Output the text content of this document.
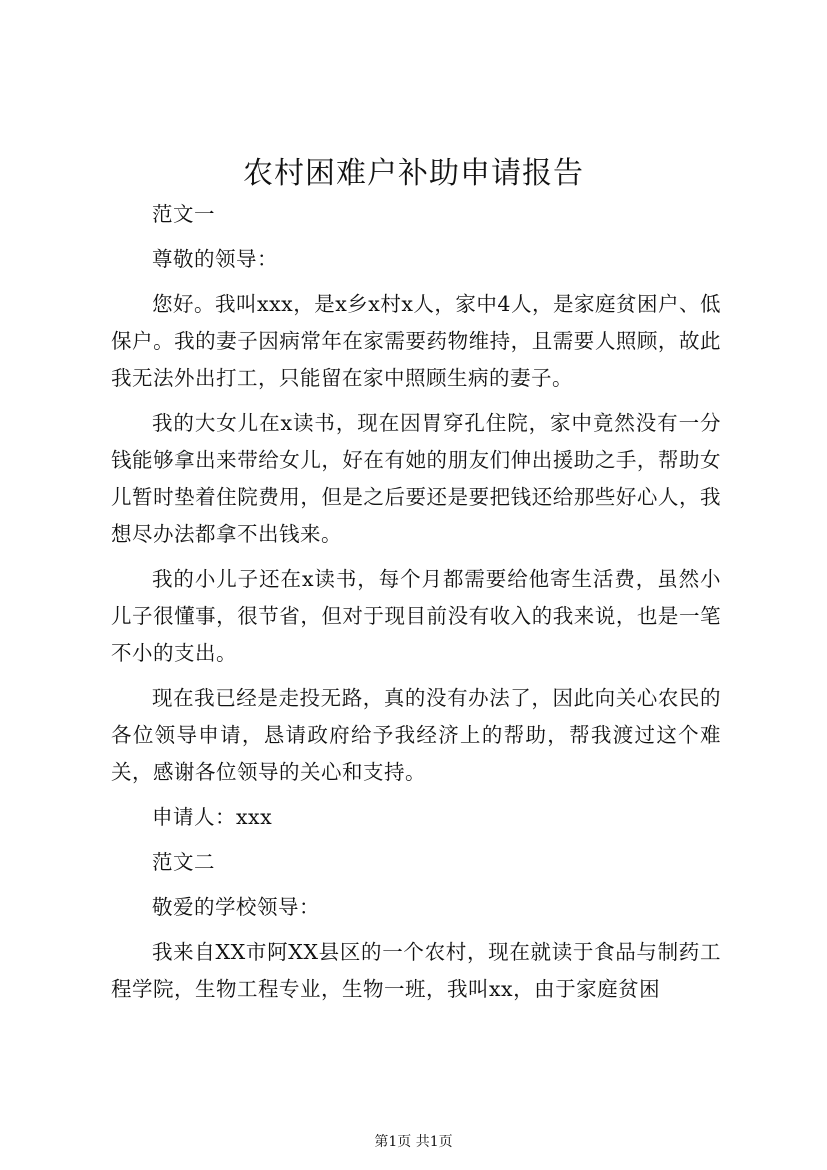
农村困难户补助申请报告

范文一

尊敬的领导：

您好。我叫xxx，是x乡x村x人，家中4人，是家庭贫困户、低保户。我的妻子因病常年在家需要药物维持，且需要人照顾，故此我无法外出打工，只能留在家中照顾生病的妻子。

我的大女儿在x读书，现在因胃穿孔住院，家中竟然没有一分钱能够拿出来带给女儿，好在有她的朋友们伸出援助之手，帮助女儿暂时垫着住院费用，但是之后要还是要把钱还给那些好心人，我想尽办法都拿不出钱来。

我的小儿子还在x读书，每个月都需要给他寄生活费，虽然小儿子很懂事，很节省，但对于现目前没有收入的我来说，也是一笔不小的支出。

现在我已经是走投无路，真的没有办法了，因此向关心农民的各位领导申请，恳请政府给予我经济上的帮助，帮我渡过这个难关，感谢各位领导的关心和支持。

申请人：xxx

范文二

敬爱的学校领导：

我来自XX市阿XX县区的一个农村，现在就读于食品与制药工程学院，生物工程专业，生物一班，我叫xx，由于家庭贫困

第1页 共1页
